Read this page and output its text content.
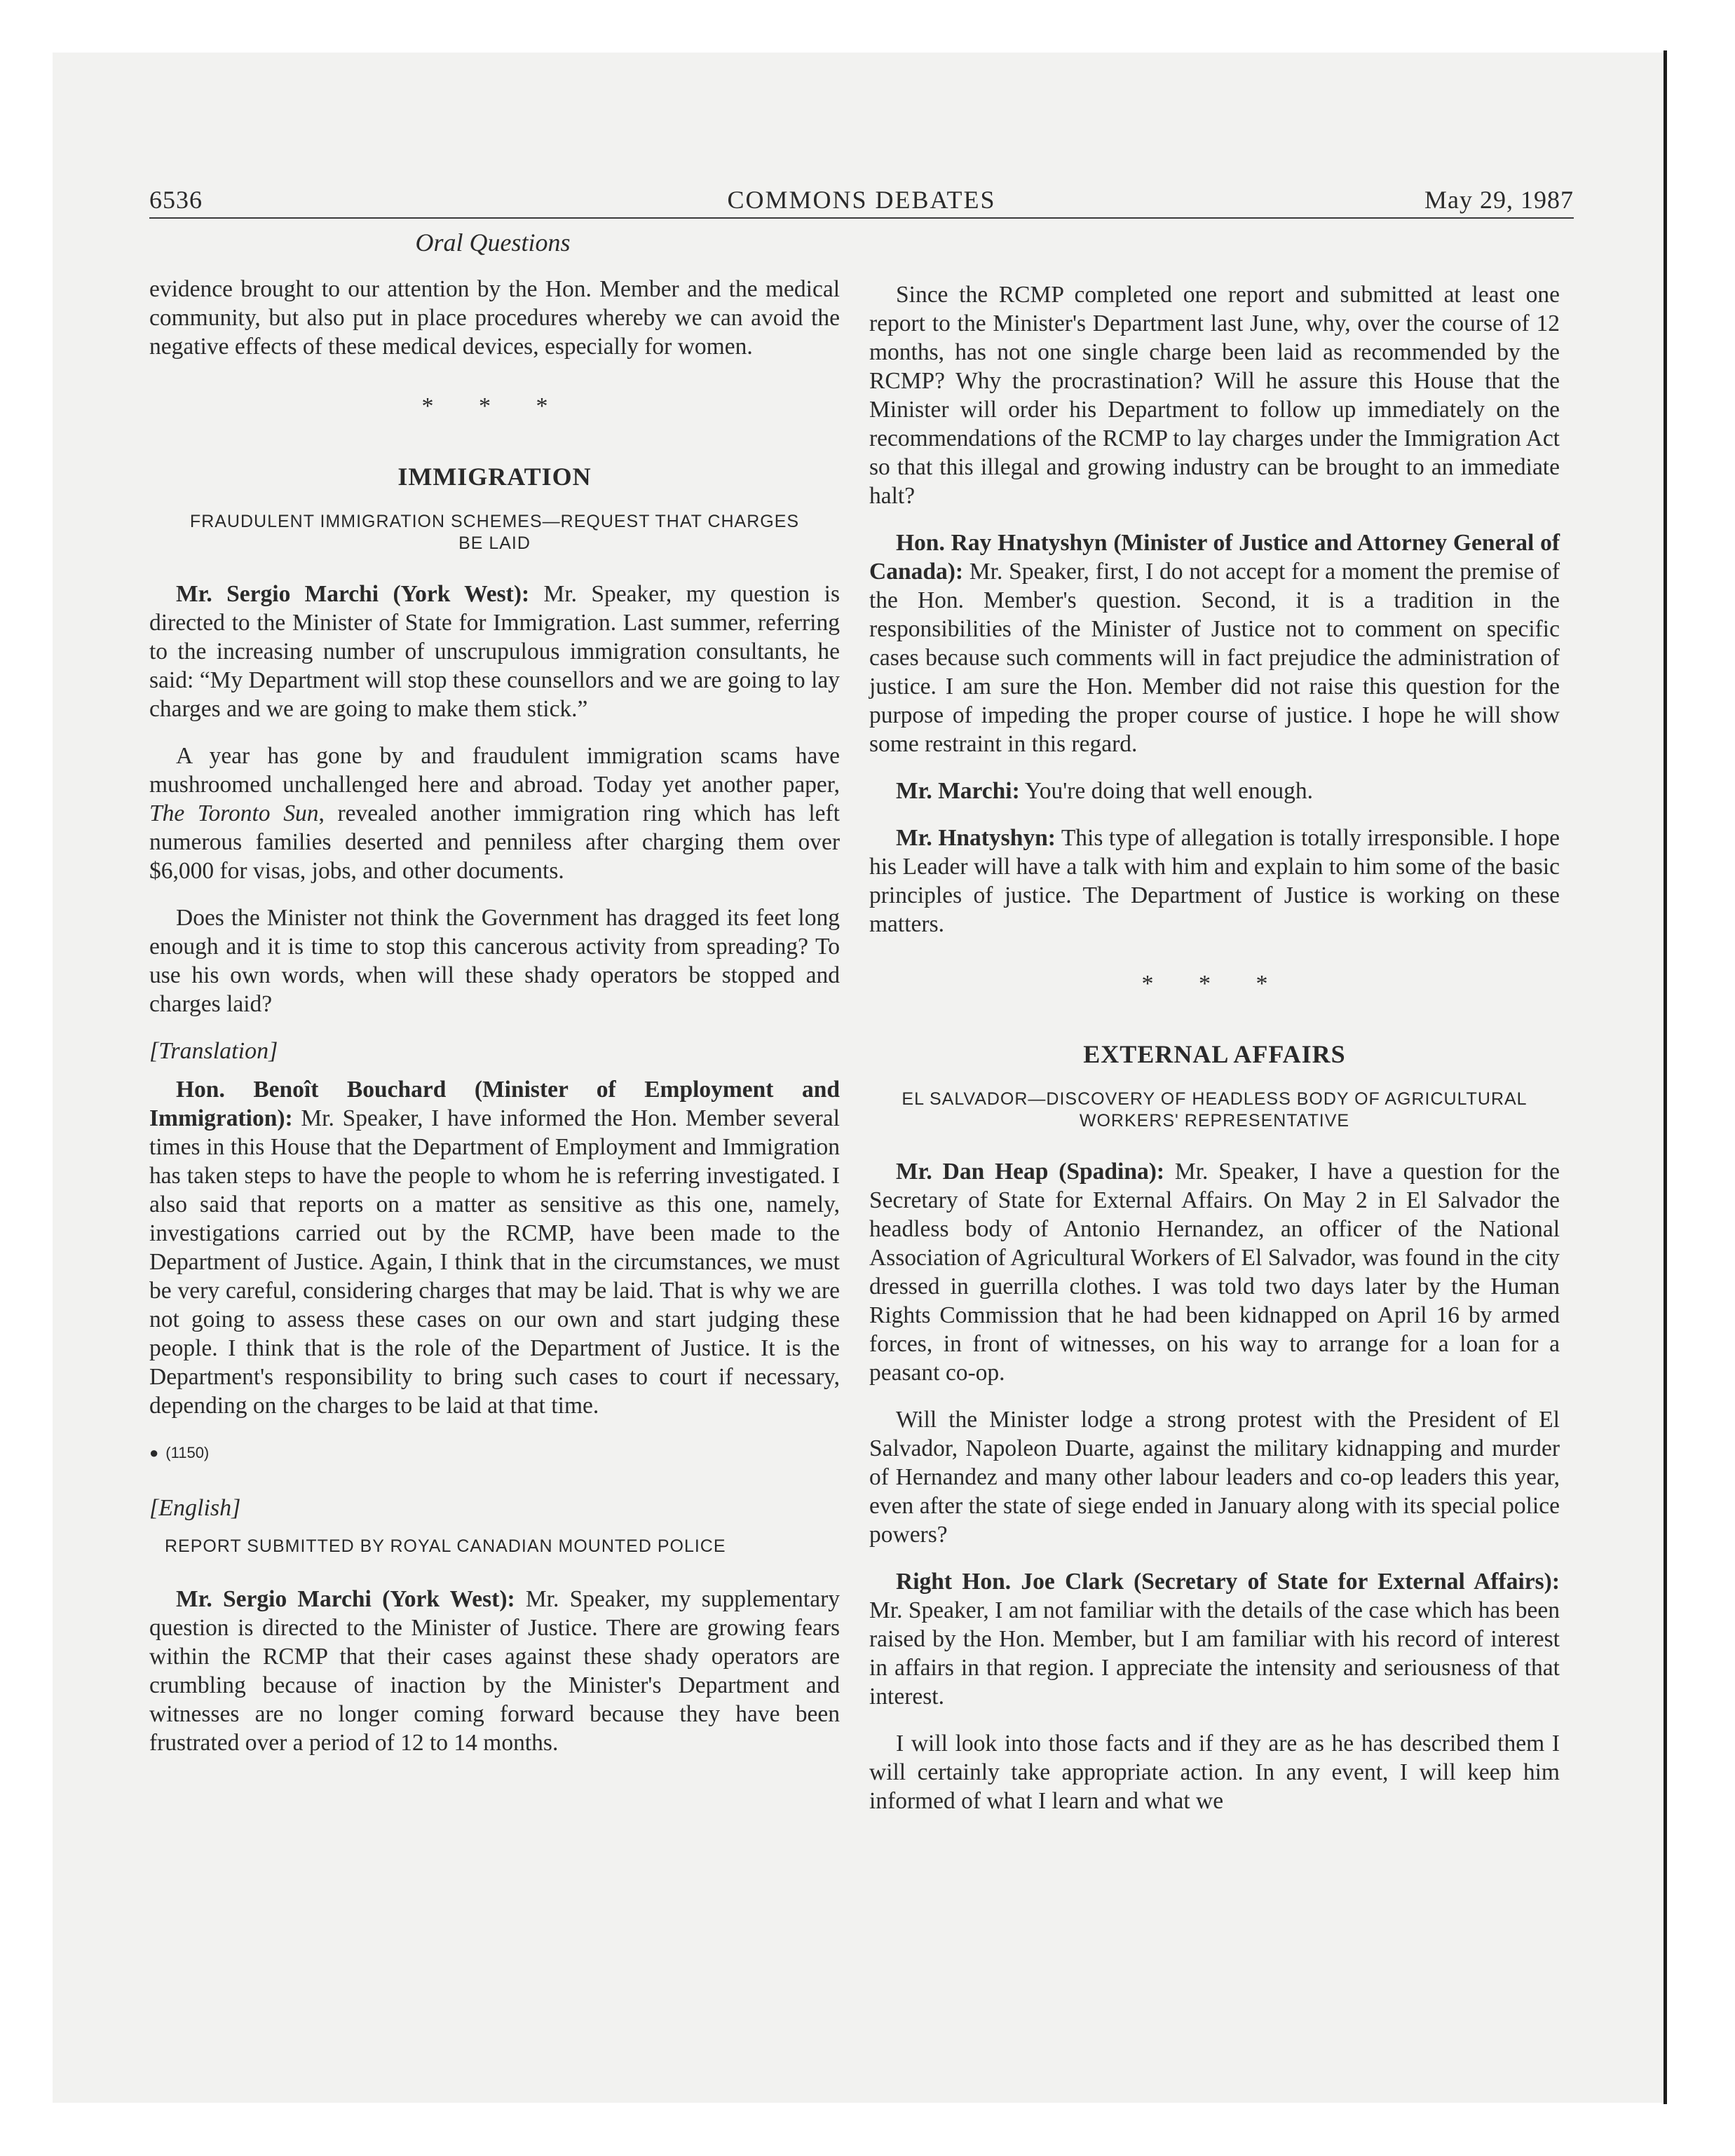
6536	COMMONS DEBATES	May 29, 1987
Oral Questions

evidence brought to our attention by the Hon. Member and the medical community, but also put in place procedures whereby we can avoid the negative effects of these medical devices, especially for women.

* * *
IMMIGRATION
FRAUDULENT IMMIGRATION SCHEMES—REQUEST THAT CHARGES BE LAID

Mr. Sergio Marchi (York West): Mr. Speaker, my question is directed to the Minister of State for Immigration. Last summer, referring to the increasing number of unscrupulous immigration consultants, he said: “My Department will stop these counsellors and we are going to lay charges and we are going to make them stick.”

A year has gone by and fraudulent immigration scams have mushroomed unchallenged here and abroad. Today yet another paper, The Toronto Sun, revealed another immigration ring which has left numerous families deserted and penniless after charging them over $6,000 for visas, jobs, and other documents.

Does the Minister not think the Government has dragged its feet long enough and it is time to stop this cancerous activity from spreading? To use his own words, when will these shady operators be stopped and charges laid?

[Translation]

Hon. Benoît Bouchard (Minister of Employment and Immigration): Mr. Speaker, I have informed the Hon. Member several times in this House that the Department of Employment and Immigration has taken steps to have the people to whom he is referring investigated. I also said that reports on a matter as sensitive as this one, namely, investigations carried out by the RCMP, have been made to the Department of Justice. Again, I think that in the circumstances, we must be very careful, considering charges that may be laid. That is why we are not going to assess these cases on our own and start judging these people. I think that is the role of the Department of Justice. It is the Department's responsibility to bring such cases to court if necessary, depending on the charges to be laid at that time.

● (1150)
[English]
REPORT SUBMITTED BY ROYAL CANADIAN MOUNTED POLICE

Mr. Sergio Marchi (York West): Mr. Speaker, my supplementary question is directed to the Minister of Justice. There are growing fears within the RCMP that their cases against these shady operators are crumbling because of inaction by the Minister's Department and witnesses are no longer coming forward because they have been frustrated over a period of 12 to 14 months.

Since the RCMP completed one report and submitted at least one report to the Minister's Department last June, why, over the course of 12 months, has not one single charge been laid as recommended by the RCMP? Why the procrastination? Will he assure this House that the Minister will order his Department to follow up immediately on the recommendations of the RCMP to lay charges under the Immigration Act so that this illegal and growing industry can be brought to an immediate halt?

Hon. Ray Hnatyshyn (Minister of Justice and Attorney General of Canada): Mr. Speaker, first, I do not accept for a moment the premise of the Hon. Member's question. Second, it is a tradition in the responsibilities of the Minister of Justice not to comment on specific cases because such comments will in fact prejudice the administration of justice. I am sure the Hon. Member did not raise this question for the purpose of impeding the proper course of justice. I hope he will show some restraint in this regard.

Mr. Marchi: You're doing that well enough.

Mr. Hnatyshyn: This type of allegation is totally irresponsible. I hope his Leader will have a talk with him and explain to him some of the basic principles of justice. The Department of Justice is working on these matters.

* * *
EXTERNAL AFFAIRS
EL SALVADOR—DISCOVERY OF HEADLESS BODY OF AGRICULTURAL WORKERS' REPRESENTATIVE

Mr. Dan Heap (Spadina): Mr. Speaker, I have a question for the Secretary of State for External Affairs. On May 2 in El Salvador the headless body of Antonio Hernandez, an officer of the National Association of Agricultural Workers of El Salvador, was found in the city dressed in guerrilla clothes. I was told two days later by the Human Rights Commission that he had been kidnapped on April 16 by armed forces, in front of witnesses, on his way to arrange for a loan for a peasant co-op.

Will the Minister lodge a strong protest with the President of El Salvador, Napoleon Duarte, against the military kidnapping and murder of Hernandez and many other labour leaders and co-op leaders this year, even after the state of siege ended in January along with its special police powers?

Right Hon. Joe Clark (Secretary of State for External Affairs): Mr. Speaker, I am not familiar with the details of the case which has been raised by the Hon. Member, but I am familiar with his record of interest in affairs in that region. I appreciate the intensity and seriousness of that interest.

I will look into those facts and if they are as he has described them I will certainly take appropriate action. In any event, I will keep him informed of what I learn and what we
